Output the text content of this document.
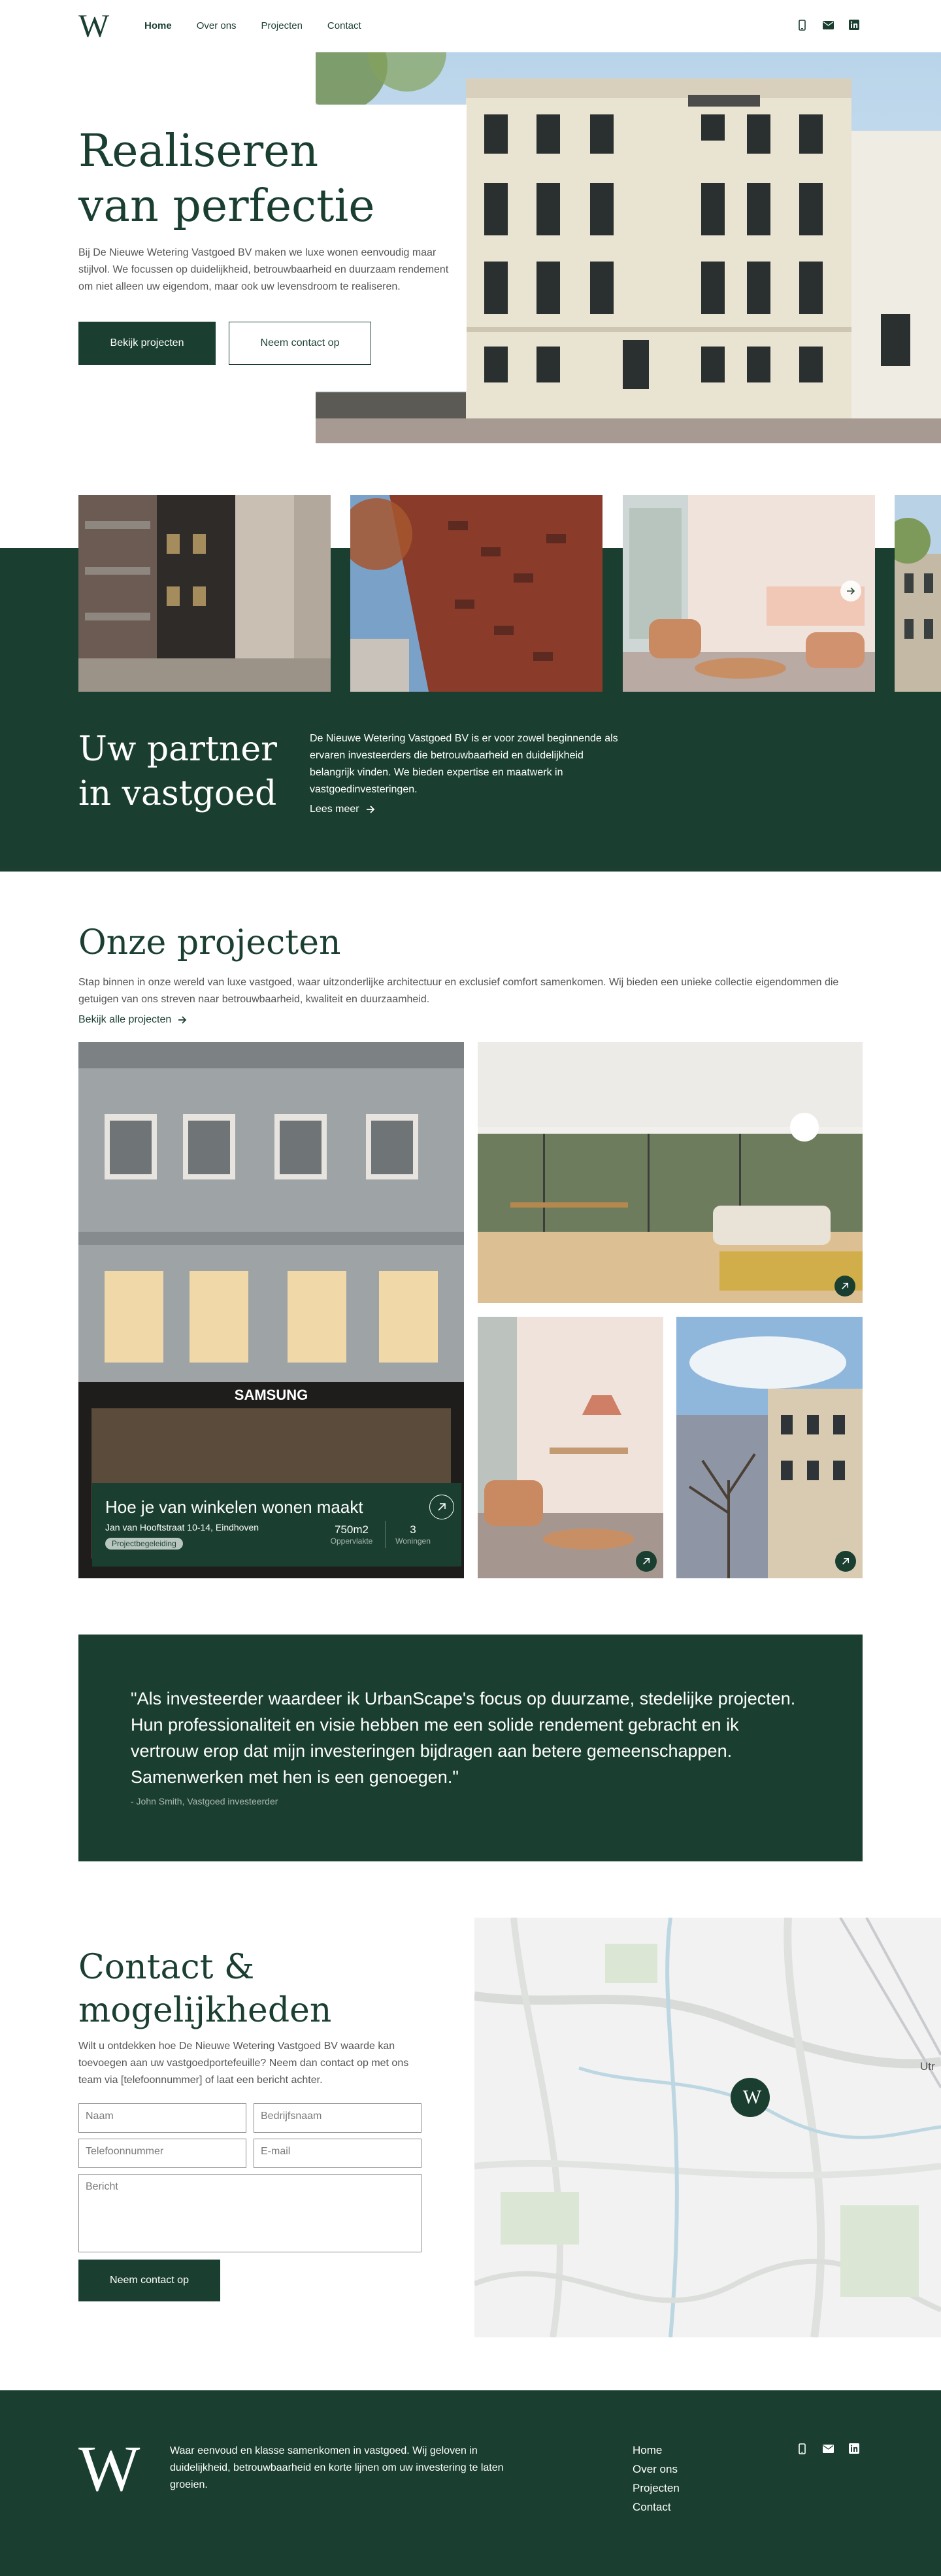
W	Home	Over ons	Projecten	Contact
Realiseren
van perfectie

Bij De Nieuwe Wetering Vastgoed BV maken we luxe wonen eenvoudig maar stijlvol. We focussen op duidelijkheid, betrouwbaarheid en duurzaam rendement om niet alleen uw eigendom, maar ook uw levensdroom te realiseren.

Bekijk projecten	Neem contact op
Uw partner
in vastgoed

De Nieuwe Wetering Vastgoed BV is er voor zowel beginnende als ervaren investeerders die betrouwbaarheid en duidelijkheid belangrijk vinden. We bieden expertise en maatwerk in vastgoedinvesteringen.

Lees meer
Onze projecten

Stap binnen in onze wereld van luxe vastgoed, waar uitzonderlijke architectuur en exclusief comfort samenkomen. Wij bieden een unieke collectie eigendommen die getuigen van ons streven naar betrouwbaarheid, kwaliteit en duurzaamheid.

Bekijk alle projecten
SAMSUNG
Hoe je van winkelen wonen maakt
Jan van Hooftstraat 10-14, Eindhoven
Projectbegeleiding
750m2
Oppervlakte
3
Woningen

"Als investeerder waardeer ik UrbanScape's focus op duurzame, stedelijke projecten. Hun professionaliteit en visie hebben me een solide rendement gebracht en ik vertrouw erop dat mijn investeringen bijdragen aan betere gemeenschappen. Samenwerken met hen is een genoegen."

- John Smith, Vastgoed investeerder

Contact &
mogelijkheden

Wilt u ontdekken hoe De Nieuwe Wetering Vastgoed BV waarde kan toevoegen aan uw vastgoedportefeuille? Neem dan contact op met ons team via [telefoonnummer] of laat een bericht achter.

Naam	Bedrijfsnaam
Telefoonnummer	E-mail
Bericht
Neem contact op
W
Utr
W	Waar eenvoud en klasse samenkomen in vastgoed. Wij geloven in duidelijkheid, betrouwbaarheid en korte lijnen om uw investering te laten groeien.

Home
Over ons
Projecten
Contact
